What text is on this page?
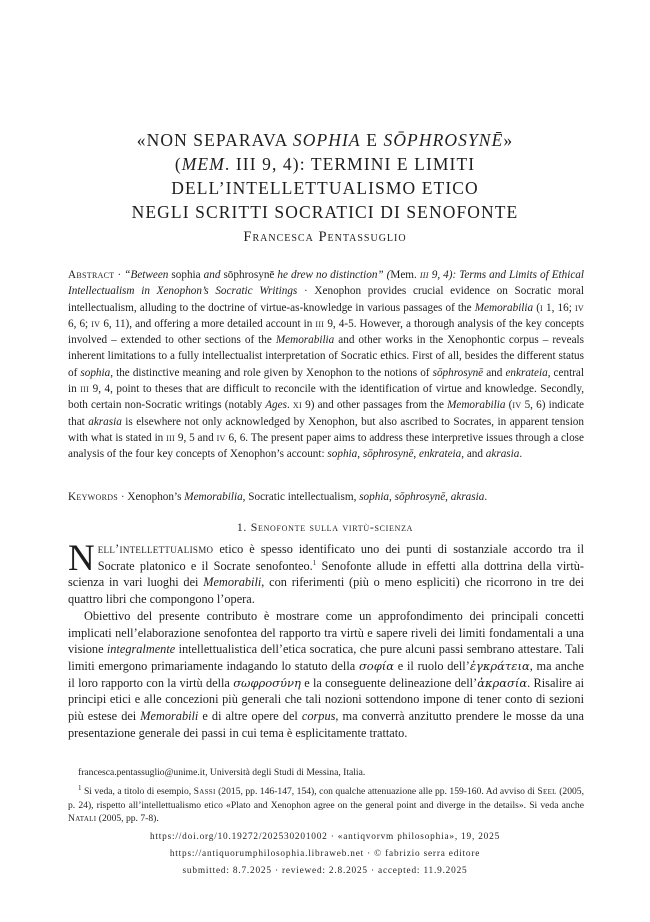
«NON SEPARAVA SOPHIA E SŌPHROSYNĒ»
(MEM. III 9, 4): TERMINI E LIMITI
DELL’INTELLETTUALISMO ETICO
NEGLI SCRITTI SOCRATICI DI SENOFONTE
Francesca Pentassuglio

Abstract · “Between sophia and sōphrosynē he drew no distinction” (Mem. iii 9, 4): Terms and Limits of Ethical Intellectualism in Xenophon’s Socratic Writings · Xenophon provides crucial evidence on Socratic moral intellectualism, alluding to the doctrine of virtue-as-knowledge in various passages of the Memorabilia (i 1, 16; iv 6, 6; iv 6, 11), and offering a more detailed account in iii 9, 4-5. However, a thorough analysis of the key concepts involved – extended to other sections of the Memorabilia and other works in the Xenophontic corpus – reveals inherent limitations to a fully intellectualist interpretation of Socratic ethics. First of all, besides the different status of sophia, the distinctive meaning and role given by Xenophon to the notions of sōphrosynē and enkrateia, central in iii 9, 4, point to theses that are difficult to reconcile with the identification of virtue and knowledge. Secondly, both certain non-Socratic writings (notably Ages. xi 9) and other passages from the Memorabilia (iv 5, 6) indicate that akrasia is elsewhere not only acknowledged by Xenophon, but also ascribed to Socrates, in apparent tension with what is stated in iii 9, 5 and iv 6, 6. The present paper aims to address these interpretive issues through a close analysis of the four key concepts of Xenophon’s account: sophia, sōphrosynē, enkrateia, and akrasia.

Keywords · Xenophon’s Memorabilia, Socratic intellectualism, sophia, sōphrosynē, akrasia.

1. Senofonte sulla virtù-scienza

Nell’intellettualismo etico è spesso identificato uno dei punti di sostanziale accordo tra il Socrate platonico e il Socrate senofonteo.$^1$ Senofonte allude in effetti alla dottrina della virtù-scienza in vari luoghi dei Memorabili, con riferimenti (più o meno espliciti) che ricorrono in tre dei quattro libri che compongono l’opera.

Obiettivo del presente contributo è mostrare come un approfondimento dei principali concetti implicati nell’elaborazione senofontea del rapporto tra virtù e sapere riveli dei limiti fondamentali a una visione integralmente intellettualistica dell’etica socratica, che pure alcuni passi sembrano attestare. Tali limiti emergono primariamente indagando lo statuto della σοφία e il ruolo dell’ἐγκράτεια, ma anche il loro rapporto con la virtù della σωφροσύνη e la conseguente delineazione dell’ἀκρασία. Risalire ai principi etici e alle concezioni più generali che tali nozioni sottendono impone di tener conto di sezioni più estese dei Memorabili e di altre opere del corpus, ma converrà anzitutto prendere le mosse da una presentazione generale dei passi in cui tema è esplicitamente trattato.

francesca.pentassuglio@unime.it, Università degli Studi di Messina, Italia.

$^1$ Si veda, a titolo di esempio, Sassi (2015, pp. 146-147, 154), con qualche attenuazione alle pp. 159-160. Ad avviso di Seel (2005, p. 24), rispetto all’intellettualismo etico «Plato and Xenophon agree on the general point and diverge in the details». Si veda anche Natali (2005, pp. 7-8).

https://doi.org/10.19272/202530201002 · «antiqvorvm philosophia», 19, 2025
https://antiquorumphilosophia.libraweb.net · © fabrizio serra editore
submitted: 8.7.2025 · reviewed: 2.8.2025 · accepted: 11.9.2025
